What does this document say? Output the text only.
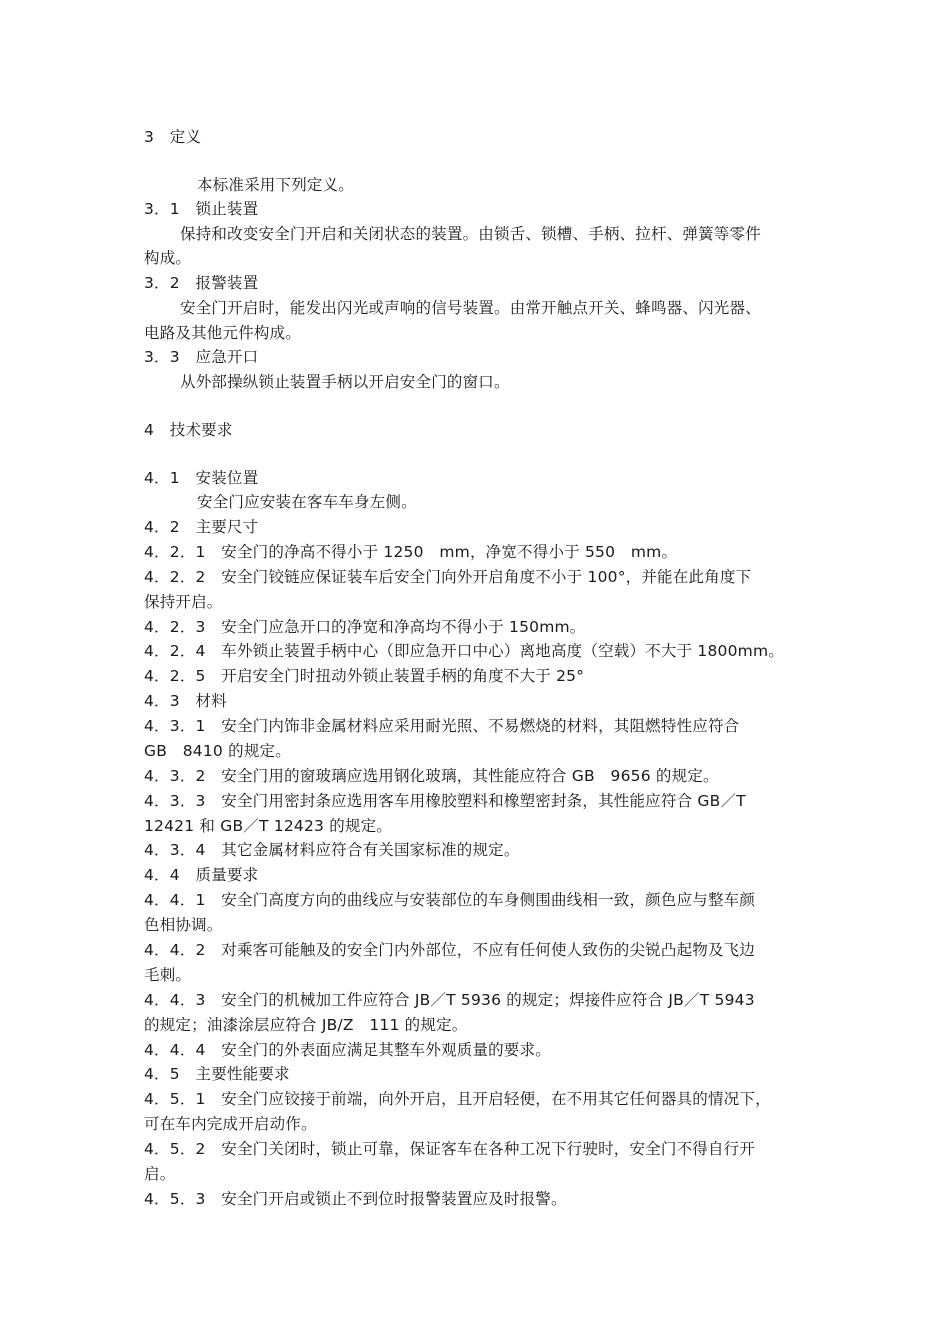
3　定义
本标准采用下列定义。
3．1　锁止装置
保持和改变安全门开启和关闭状态的装置。由锁舌、锁槽、手柄、拉杆、弹簧等零件
构成。
3．2　报警装置
安全门开启时，能发出闪光或声响的信号装置。由常开触点开关、蜂鸣器、闪光器、
电路及其他元件构成。
3．3　应急开口
从外部操纵锁止装置手柄以开启安全门的窗口。
4　技术要求
4．1　安装位置
安全门应安装在客车车身左侧。
4．2　主要尺寸
4．2．1　安全门的净高不得小于 1250　mm，净宽不得小于 550　mm。
4．2．2　安全门铰链应保证装车后安全门向外开启角度不小于 100°，并能在此角度下
保持开启。
4．2．3　安全门应急开口的净宽和净高均不得小于 150mm。
4．2．4　车外锁止装置手柄中心（即应急开口中心）离地高度（空载）不大于 1800mm。
4．2．5　开启安全门时扭动外锁止装置手柄的角度不大于 25°
4．3　材料
4．3．1　安全门内饰非金属材料应采用耐光照、不易燃烧的材料，其阻燃特性应符合
GB　8410 的规定。
4．3．2　安全门用的窗玻璃应选用钢化玻璃，其性能应符合 GB　9656 的规定。
4．3．3　安全门用密封条应选用客车用橡胶塑料和橡塑密封条，其性能应符合 GB／T
12421 和 GB／T 12423 的规定。
4．3．4　其它金属材料应符合有关国家标准的规定。
4．4　质量要求
4．4．1　安全门高度方向的曲线应与安装部位的车身侧围曲线相一致，颜色应与整车颜
色相协调。
4．4．2　对乘客可能触及的安全门内外部位，不应有任何使人致伤的尖锐凸起物及飞边
毛刺。
4．4．3　安全门的机械加工件应符合 JB／T 5936 的规定；焊接件应符合 JB／T 5943
的规定；油漆涂层应符合 JB/Z　111 的规定。
4．4．4　安全门的外表面应满足其整车外观质量的要求。
4．5　主要性能要求
4．5．1　安全门应铰接于前端，向外开启，且开启轻便，在不用其它任何器具的情况下，
可在车内完成开启动作。
4．5．2　安全门关闭时，锁止可靠，保证客车在各种工况下行驶时，安全门不得自行开
启。
4．5．3　安全门开启或锁止不到位时报警装置应及时报警。
